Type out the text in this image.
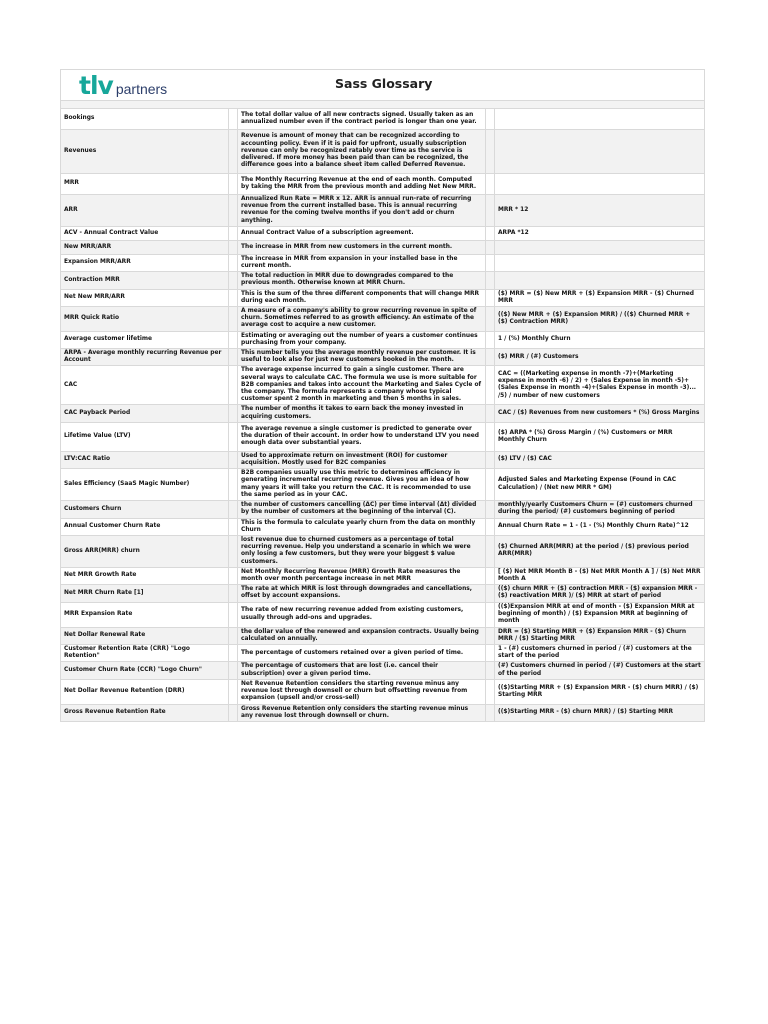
tlv partners	Sass Glossary
Bookings		The total dollar value of all new contracts signed. Usually taken as an annualized number even if the contract period is longer than one year.		
Revenues		Revenue is amount of money that can be recognized according to accounting policy. Even if it is paid for upfront, usually subscription revenue can only be recognized ratably over time as the service is delivered. If more money has been paid than can be recognized, the difference goes into a balance sheet item called Deferred Revenue.		
MRR		The Monthly Recurring Revenue at the end of each month. Computed by taking the MRR from the previous month and adding Net New MRR.		
ARR		Annualized Run Rate = MRR x 12. ARR is annual run-rate of recurring revenue from the current installed base. This is annual recurring revenue for the coming twelve months if you don't add or churn anything.		MRR * 12
ACV - Annual Contract Value		Annual Contract Value of a subscription agreement.		ARPA *12
New MRR/ARR		The increase in MRR from new customers in the current month.		
Expansion MRR/ARR		The increase in MRR from expansion in your installed base in the current month.		
Contraction MRR		The total reduction in MRR due to downgrades compared to the previous month. Otherwise known at MRR Churn.		
Net New MRR/ARR		This is the sum of the three different components that will change MRR during each month.		($) MRR = ($) New MRR + ($) Expansion MRR - ($) Churned MRR
MRR Quick Ratio		A measure of a company's ability to grow recurring revenue in spite of churn. Sometimes referred to as growth efficiency. An estimate of the average cost to acquire a new customer.		(($) New MRR + ($) Expansion MRR) / (($) Churned MRR + ($) Contraction MRR)
Average customer lifetime		Estimating or averaging out the number of years a customer continues purchasing from your company.		1 / (%) Monthly Churn
ARPA - Average monthly recurring Revenue per Account		This number tells you the average monthly revenue per customer. It is useful to look also for just new customers booked in the month.		($) MRR / (#) Customers
CAC		The average expense incurred to gain a single customer. There are several ways to calculate CAC. The formula we use is more suitable for B2B companies and takes into account the Marketing and Sales Cycle of the company. The formula represents a company whose typical customer spent 2 month in marketing and then 5 months in sales.		CAC = ((Marketing expense in month -7)+(Marketing expense in month -6) / 2) + (Sales Expense in month -5)+ (Sales Expense in month -4)+(Sales Expense in month -3)... /5) / number of new customers
CAC Payback Period		The number of months it takes to earn back the money invested in acquiring customers.		CAC / ($) Revenues from new customers * (%) Gross Margins
Lifetime Value (LTV)		The average revenue a single customer is predicted to generate over the duration of their account. In order how to understand LTV you need enough data over substantial years.		($) ARPA * (%) Gross Margin / (%) Customers or MRR Monthly Churn
LTV:CAC Ratio		Used to approximate return on investment (ROI) for customer acquisition. Mostly used for B2C companies		($) LTV / ($) CAC
Sales Efficiency (SaaS Magic Number)		B2B companies usually use this metric to determines efficiency in generating incremental recurring revenue. Gives you an idea of how many years it will take you return the CAC. It is recommended to use the same period as in your CAC.		Adjusted Sales and Marketing Expense (Found in CAC Calculation) / (Net new MRR * GM)
Customers Churn		the number of customers cancelling (ΔC) per time interval (Δt) divided by the number of customers at the beginning of the interval (C).		monthly/yearly Customers Churn = (#) customers churned during the period/ (#) customers beginning of period
Annual Customer Churn Rate		This is the formula to calculate yearly churn from the data on monthly Churn		Annual Churn Rate = 1 - (1 - (%) Monthly Churn Rate)^12
Gross ARR(MRR) churn		lost revenue due to churned customers as a percentage of total recurring revenue. Help you understand a scenario in which we were only losing a few customers, but they were your biggest $ value customers.		($) Churned ARR(MRR) at the period / ($) previous period ARR(MRR)
Net MRR Growth Rate		Net Monthly Recurring Revenue (MRR) Growth Rate measures the month over month percentage increase in net MRR		[ ($) Net MRR Month B - ($) Net MRR Month A ] / ($) Net MRR Month A
Net MRR Churn Rate [1]		The rate at which MRR is lost through downgrades and cancellations, offset by account expansions.		(($) churn MRR + ($) contraction MRR - ($) expansion MRR - ($) reactivation MRR )/ ($) MRR at start of period
MRR Expansion Rate		The rate of new recurring revenue added from existing customers, usually through add-ons and upgrades.		(($)Expansion MRR at end of month - ($) Expansion MRR at beginning of month) / ($) Expansion MRR at beginning of month
Net Dollar Renewal Rate		the dollar value of the renewed and expansion contracts. Usually being calculated on annually.		DRR = ($) Starting MRR + ($) Expansion MRR - ($) Churn MRR / ($) Starting MRR
Customer Retention Rate (CRR) "Logo Retention"		The percentage of customers retained over a given period of time.		1 - (#) customers churned in period / (#) customers at the start of the period
Customer Churn Rate (CCR) "Logo Churn"		The percentage of customers that are lost (i.e. cancel their subscription) over a given period time.		(#) Customers churned in period / (#) Customers at the start of the period
Net Dollar Revenue Retention (DRR)		Net Revenue Retention considers the starting revenue minus any revenue lost through downsell or churn but offsetting revenue from expansion (upsell and/or cross-sell)		(($)Starting MRR + ($) Expansion MRR - ($) churn MRR) / ($) Starting MRR
Gross Revenue Retention Rate		Gross Revenue Retention only considers the starting revenue minus any revenue lost through downsell or churn.		(($)Starting MRR - ($) churn MRR) / ($) Starting MRR
